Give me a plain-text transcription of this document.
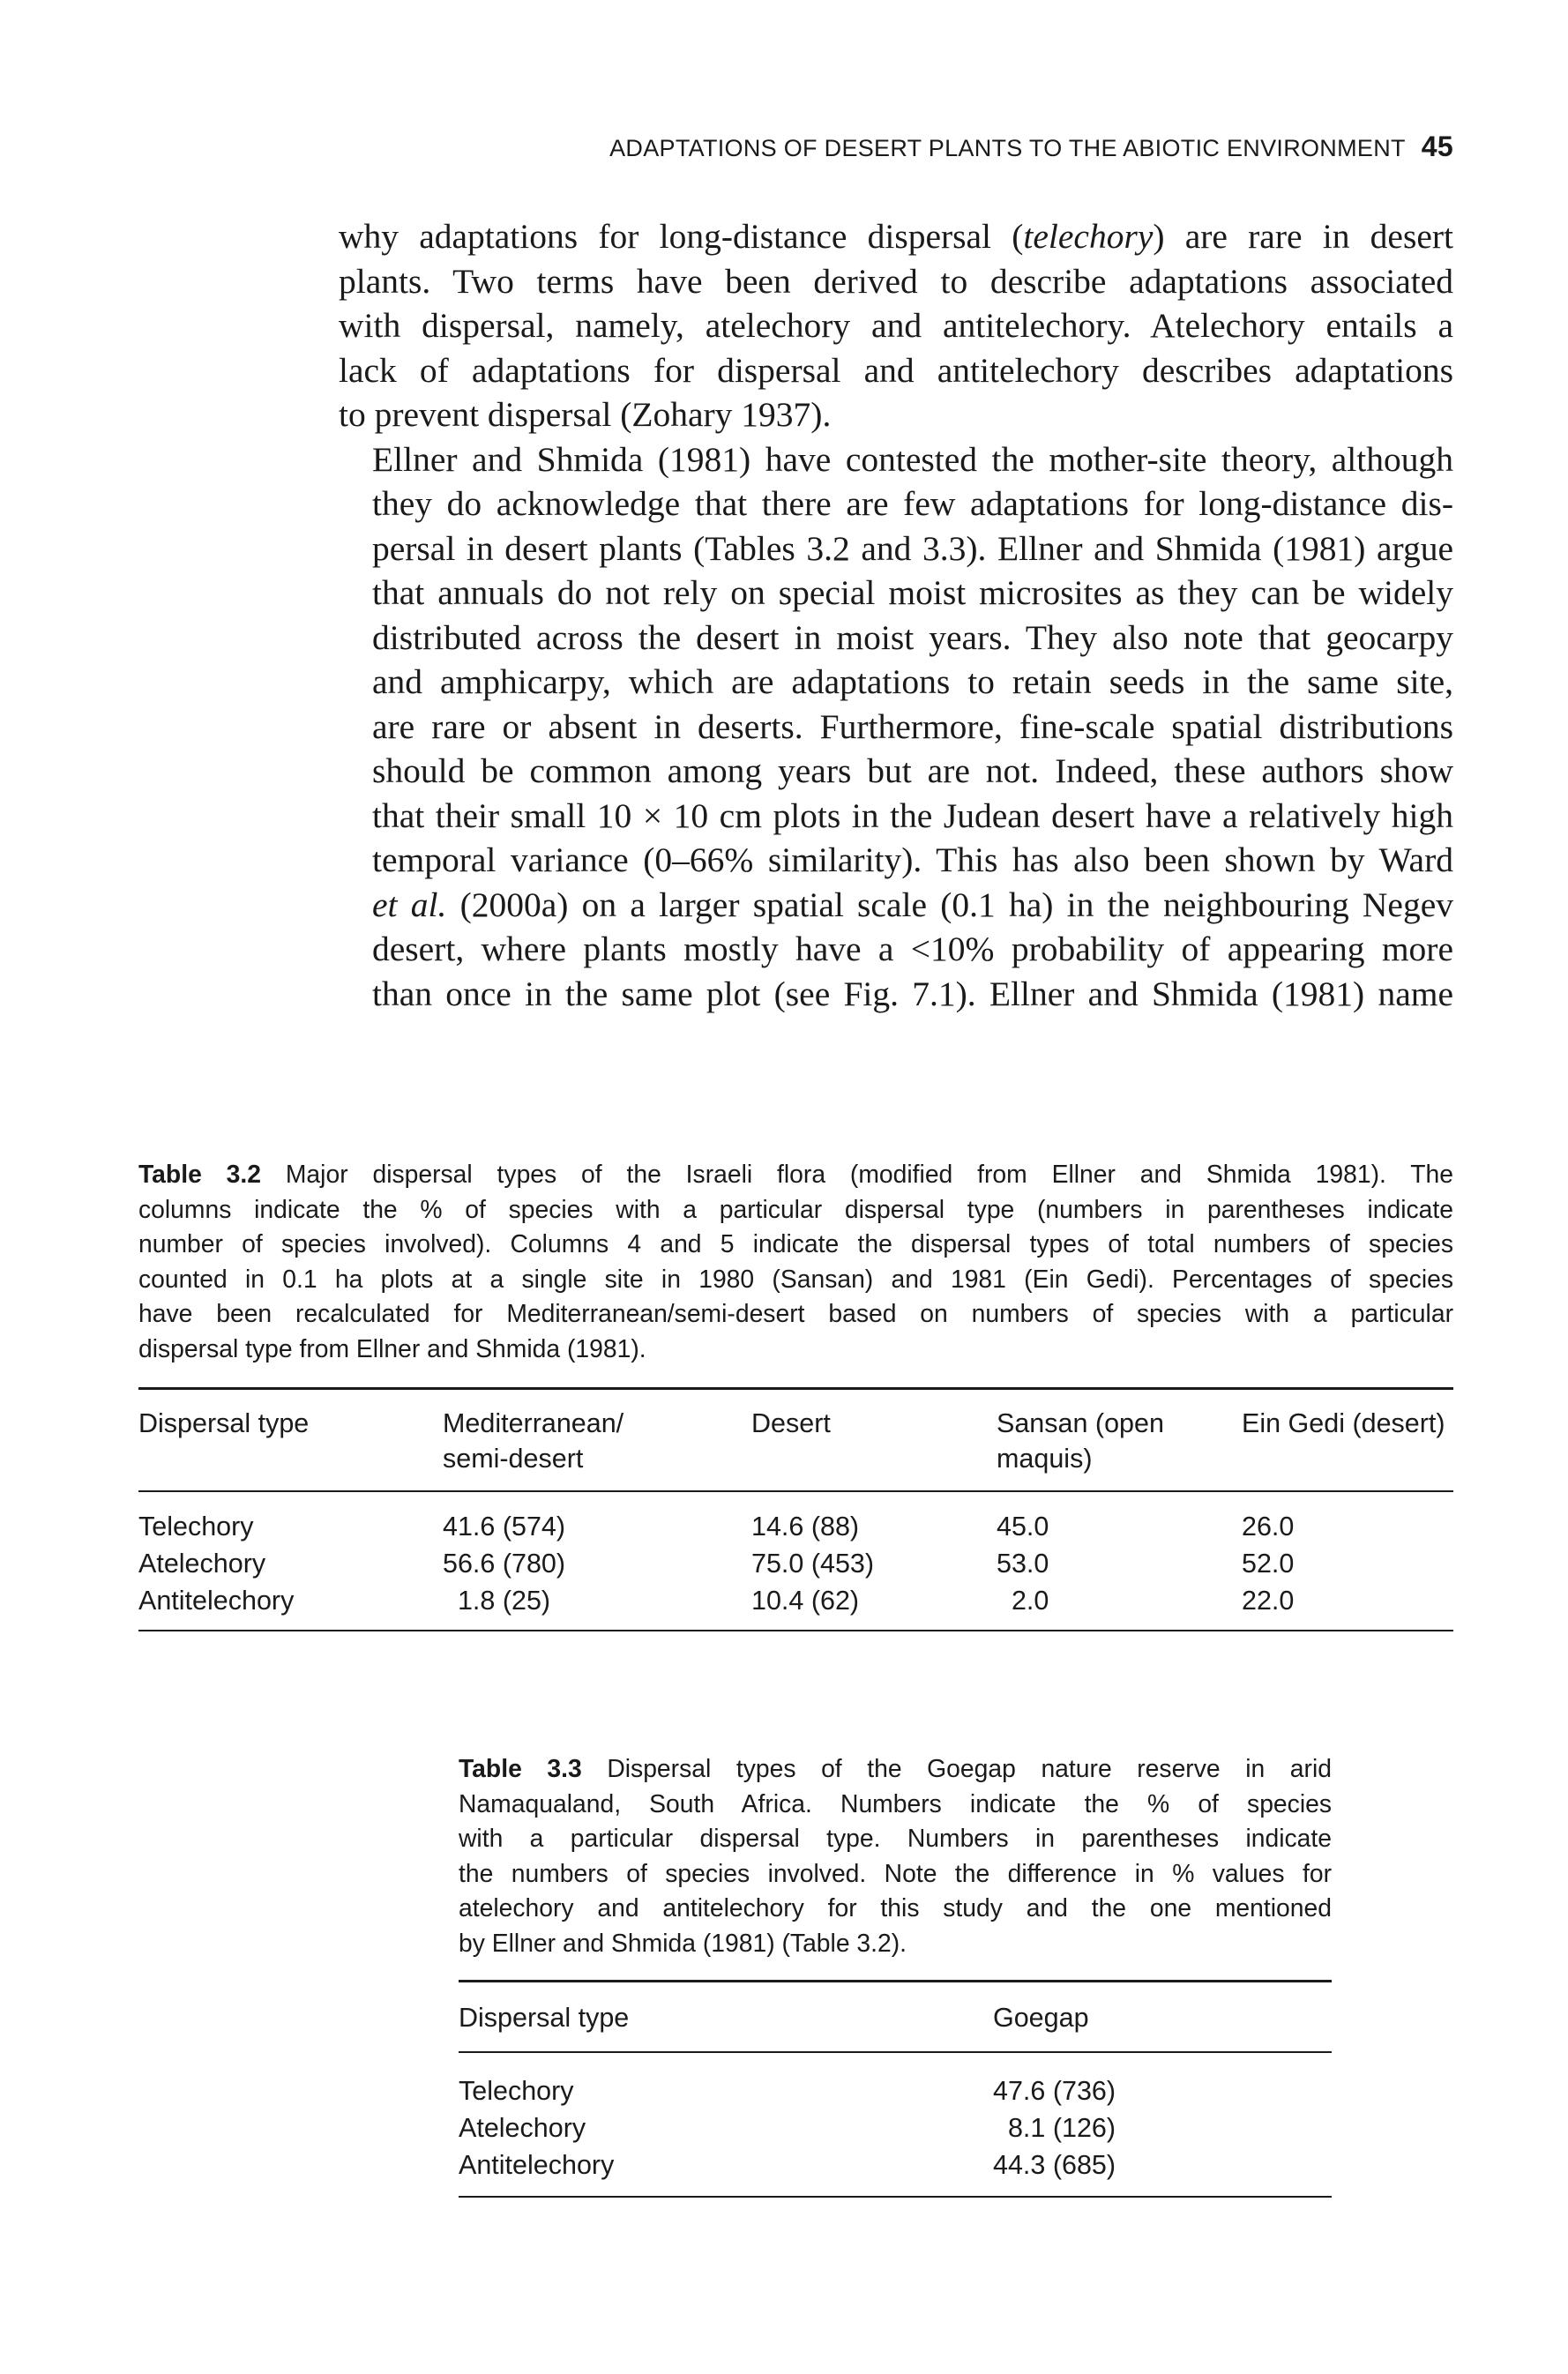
ADAPTATIONS OF DESERT PLANTS TO THE ABIOTIC ENVIRONMENT 45

why adaptations for long-distance dispersal (telechory) are rare in desert
plants. Two terms have been derived to describe adaptations associated
with dispersal, namely, atelechory and antitelechory. Atelechory entails a
lack of adaptations for dispersal and antitelechory describes adaptations
to prevent dispersal (Zohary 1937).

Ellner and Shmida (1981) have contested the mother-site theory, although
they do acknowledge that there are few adaptations for long-distance dis-
persal in desert plants (Tables 3.2 and 3.3). Ellner and Shmida (1981) argue
that annuals do not rely on special moist microsites as they can be widely
distributed across the desert in moist years. They also note that geocarpy
and amphicarpy, which are adaptations to retain seeds in the same site,
are rare or absent in deserts. Furthermore, fine-scale spatial distributions
should be common among years but are not. Indeed, these authors show
that their small 10 × 10 cm plots in the Judean desert have a relatively high
temporal variance (0–66% similarity). This has also been shown by Ward
et al. (2000a) on a larger spatial scale (0.1 ha) in the neighbouring Negev
desert, where plants mostly have a <10% probability of appearing more
than once in the same plot (see Fig. 7.1). Ellner and Shmida (1981) name

Table 3.2 Major dispersal types of the Israeli flora (modified from Ellner and Shmida 1981). The
columns indicate the % of species with a particular dispersal type (numbers in parentheses indicate
number of species involved). Columns 4 and 5 indicate the dispersal types of total numbers of species
counted in 0.1 ha plots at a single site in 1980 (Sansan) and 1981 (Ein Gedi). Percentages of species
have been recalculated for Mediterranean/semi-desert based on numbers of species with a particular
dispersal type from Ellner and Shmida (1981).
Dispersal type	Mediterranean/
semi-desert	Desert	Sansan (open
maquis)	Ein Gedi (desert)

Telechory	41.6 (574)	14.6 (88)	45.0	26.0
Atelechory	56.6 (780)	75.0 (453)	53.0	52.0
Antitelechory	1.8 (25)	10.4 (62)	2.0	22.0
Table 3.3 Dispersal types of the Goegap nature reserve in arid
Namaqualand, South Africa. Numbers indicate the % of species
with a particular dispersal type. Numbers in parentheses indicate
the numbers of species involved. Note the difference in % values for
atelechory and antitelechory for this study and the one mentioned
by Ellner and Shmida (1981) (Table 3.2).
Dispersal type	Goegap

Telechory	47.6 (736)
Atelechory	8.1 (126)
Antitelechory	44.3 (685)
